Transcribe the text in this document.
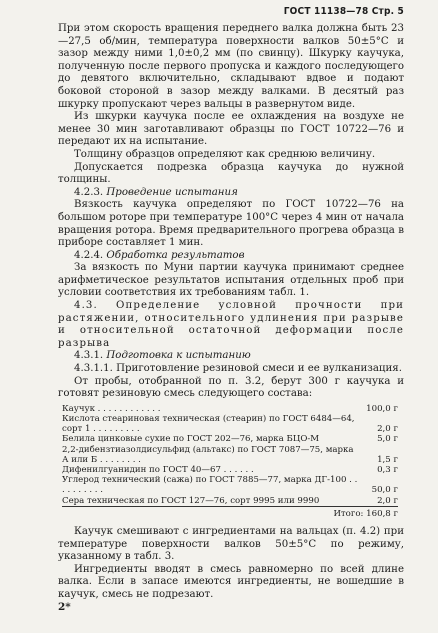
ГОСТ 11138—78 Стр. 5

При этом скорость вращения переднего валка должна быть 23—27,5 об/мин, температура поверхности валков 50±5°C и зазор между ними 1,0±0,2 мм (по свинцу). Шкурку каучука, полученную после первого пропуска и каждого последующего до девятого включительно, складывают вдвое и подают боковой стороной в зазор между валками. В десятый раз шкурку пропускают через вальцы в развернутом виде.

Из шкурки каучука после ее охлаждения на воздухе не менее 30 мин заготавливают образцы по ГОСТ 10722—76 и передают их на испытание.

Толщину образцов определяют как среднюю величину.

Допускается подрезка образца каучука до нужной толщины.

4.2.3. Проведение испытания

Вязкость каучука определяют по ГОСТ 10722—76 на большом роторе при температуре 100°C через 4 мин от начала вращения ротора. Время предварительного прогрева образца в приборе составляет 1 мин.

4.2.4. Обработка результатов

За вязкость по Муни партии каучука принимают среднее арифметическое результатов испытания отдельных проб при условии соответствия их требованиям табл. 1.

4.3. Определение условной прочности при растяжении, относительного удлинения при разрыве и относительной остаточной деформации после разрыва

4.3.1. Подготовка к испытанию

4.3.1.1. Приготовление резиновой смеси и ее вулканизация.

От пробы, отобранной по п. 3.2, берут 300 г каучука и готовят резиновую смесь следующего состава:

Каучук . . . . . . . . . . . .	100,0 г
Кислота стеариновая техническая (стеарин) по ГОСТ 6484—64, сорт 1 . . . . . . . . .	2,0 г
Белила цинковые сухие по ГОСТ 202—76, марка БЦО-М	5,0 г
2,2-дибензтиазолдисульфид (альтакс) по ГОСТ 7087—75, марка А или Б . . . . . . . .	1,5 г
Дифенилгуанидин по ГОСТ 40—67 . . . . . .	0,3 г
Углерод технический (сажа) по ГОСТ 7885—77, марка ДГ-100 . . . . . . . . . .	50,0 г
Сера техническая по ГОСТ 127—76, сорт 9995 или 9990	2,0 г
Итого: 160,8 г	

Каучук смешивают с ингредиентами на вальцах (п. 4.2) при температуре поверхности валков 50±5°C по режиму, указанному в табл. 3.

Ингредиенты вводят в смесь равномерно по всей длине валка. Если в запасе имеются ингредиенты, не вошедшие в каучук, смесь не подрезают.

2*
